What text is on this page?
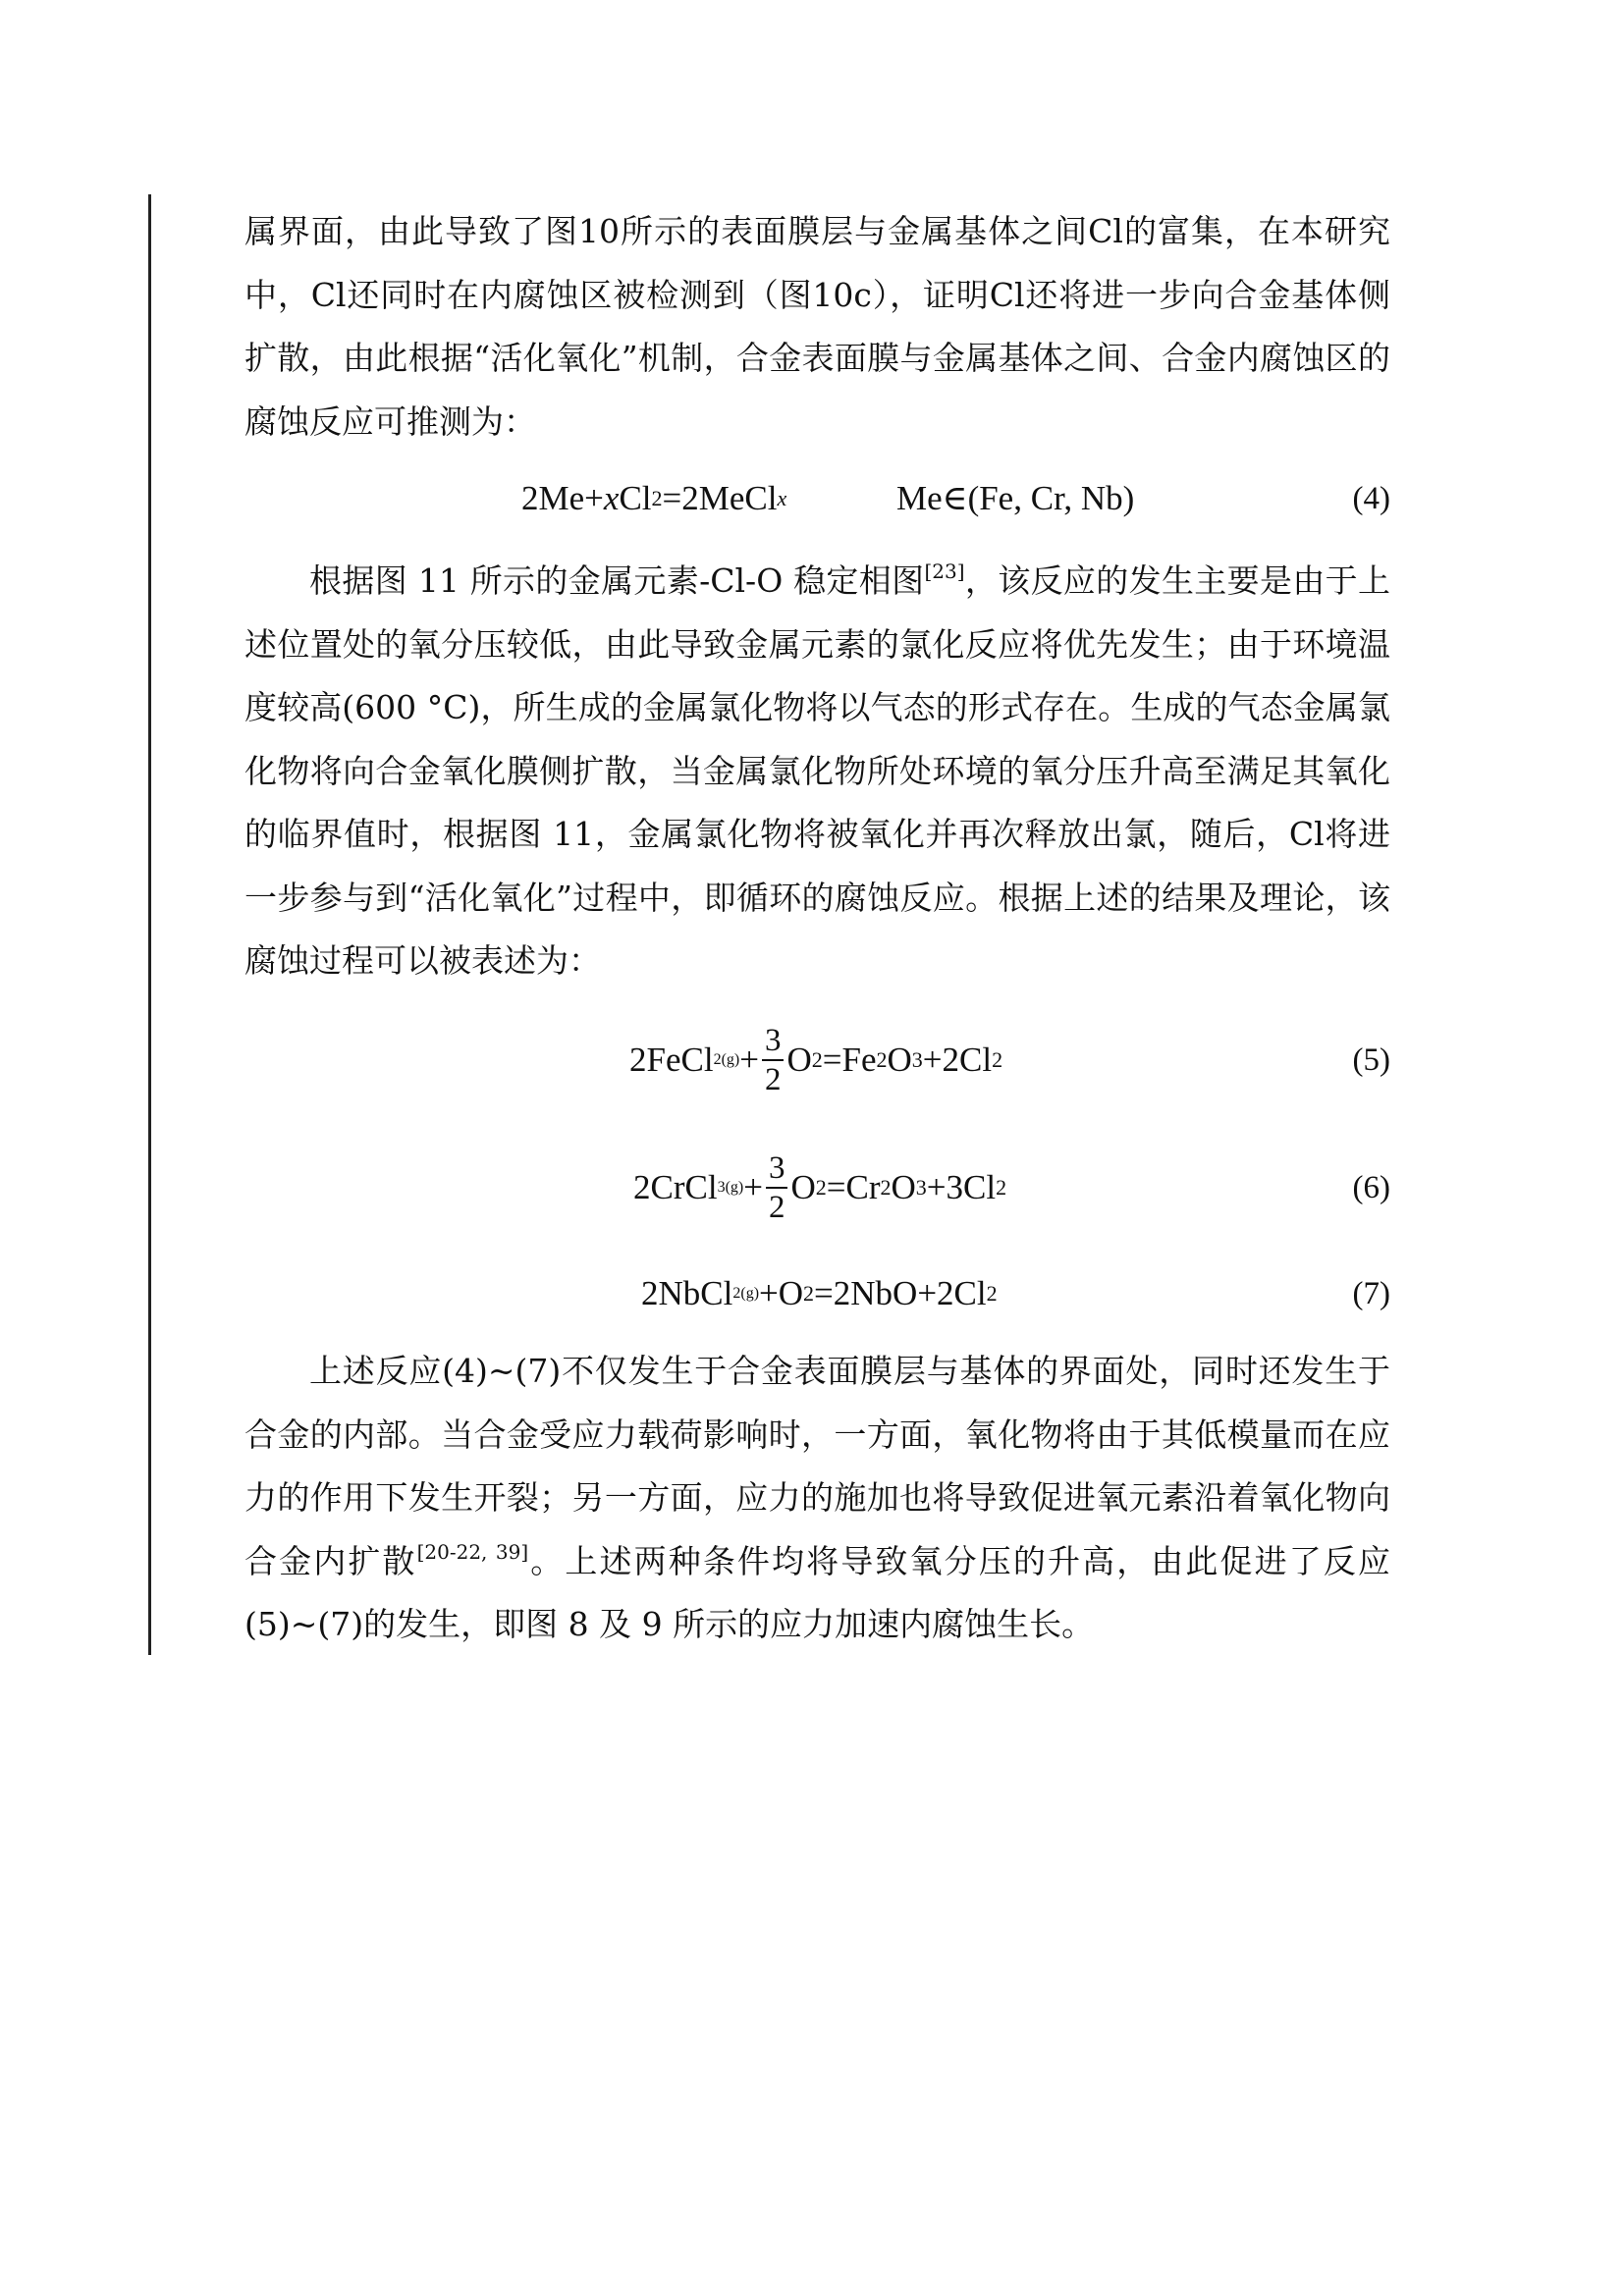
属界面，由此导致了图10所示的表面膜层与金属基体之间Cl的富集，在本研究中，Cl还同时在内腐蚀区被检测到（图10c），证明Cl还将进一步向合金基体侧扩散，由此根据“活化氧化”机制，合金表面膜与金属基体之间、合金内腐蚀区的腐蚀反应可推测为：
2Me+ x Cl 2 =2MeCl x	Me∈(Fe, Cr, Nb)	(4)
根据图 11 所示的金属元素-Cl-O 稳定相图[23]，该反应的发生主要是由于上述位置处的氧分压较低，由此导致金属元素的氯化反应将优先发生；由于环境温度较高(600 °C)，所生成的金属氯化物将以气态的形式存在。生成的气态金属氯化物将向合金氧化膜侧扩散，当金属氯化物所处环境的氧分压升高至满足其氧化的临界值时，根据图 11，金属氯化物将被氧化并再次释放出氯，随后，Cl将进一步参与到“活化氧化”过程中，即循环的腐蚀反应。根据上述的结果及理论，该腐蚀过程可以被表述为：
2FeCl $2(g) + \frac{3}{2}$ O 2 =Fe 2 O 3 +2Cl 2	(5)
2CrCl $3(g) + \frac{3}{2}$ O 2 =Cr 2 O 3 +3Cl 2	(6)
2NbCl 2(g) +O 2 =2NbO+2Cl 2	(7)
上述反应(4)~(7)不仅发生于合金表面膜层与基体的界面处，同时还发生于合金的内部。当合金受应力载荷影响时，一方面，氧化物将由于其低模量而在应力的作用下发生开裂；另一方面，应力的施加也将导致促进氧元素沿着氧化物向合金内扩散[20-22, 39]。上述两种条件均将导致氧分压的升高，由此促进了反应(5)~(7)的发生，即图 8 及 9 所示的应力加速内腐蚀生长。
